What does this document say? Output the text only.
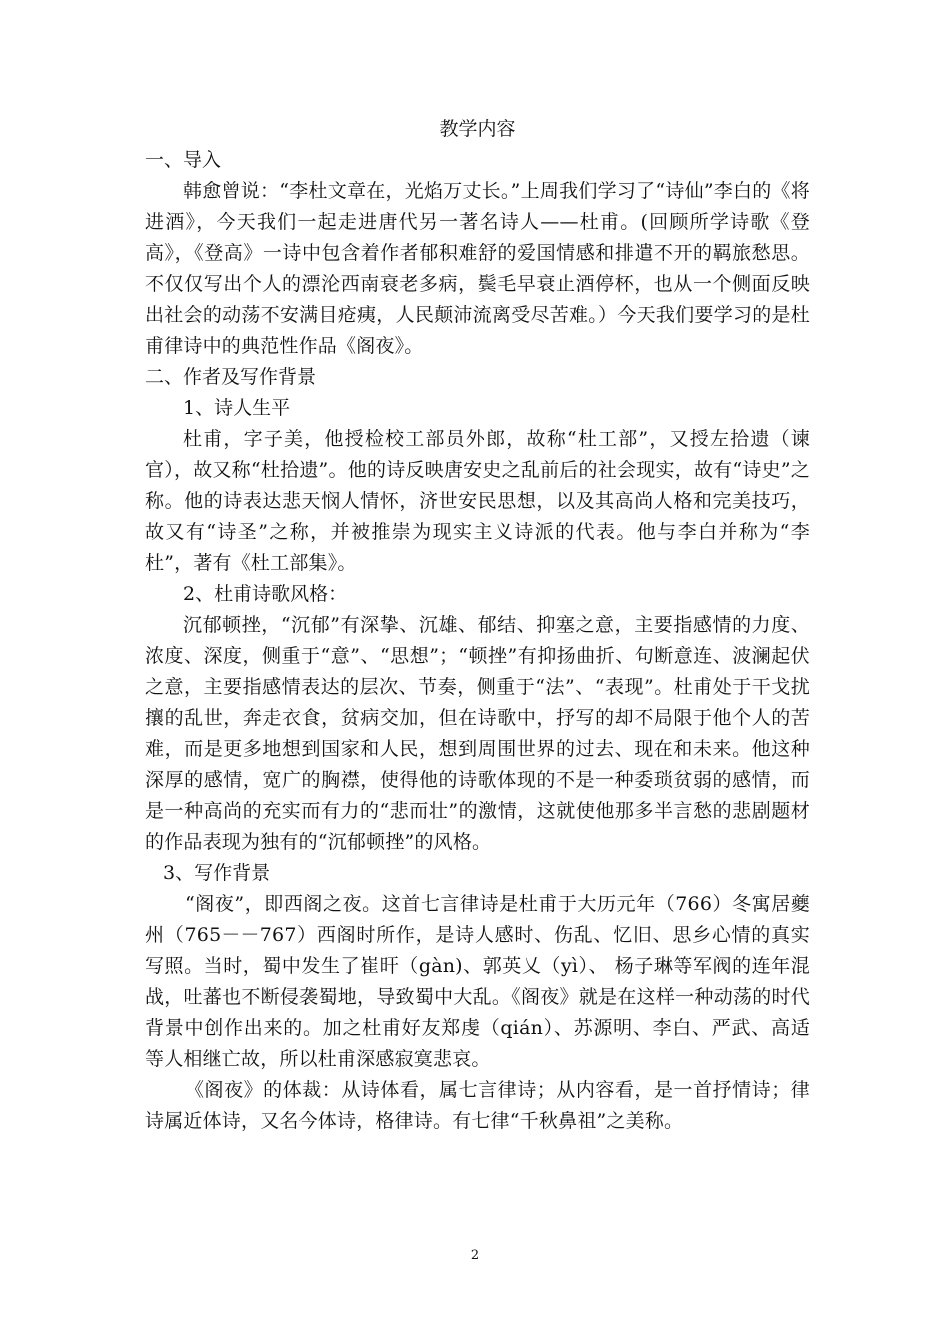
教学内容

一、导入

韩愈曾说：“李杜文章在，光焰万丈长。”上周我们学习了“诗仙”李白的《将进酒》，今天我们一起走进唐代另一著名诗人——杜甫。(回顾所学诗歌《登高》，《登高》一诗中包含着作者郁积难舒的爱国情感和排遣不开的羁旅愁思。不仅仅写出个人的漂沦西南衰老多病，鬓毛早衰止酒停杯，也从一个侧面反映出社会的动荡不安满目疮痍，人民颠沛流离受尽苦难。）今天我们要学习的是杜甫律诗中的典范性作品《阁夜》。

二、作者及写作背景

1、诗人生平

杜甫，字子美，他授检校工部员外郎，故称“杜工部”，又授左拾遗（谏官），故又称“杜拾遗”。他的诗反映唐安史之乱前后的社会现实，故有“诗史”之称。他的诗表达悲天悯人情怀，济世安民思想，以及其高尚人格和完美技巧，故又有“诗圣”之称，并被推崇为现实主义诗派的代表。他与李白并称为“李杜”，著有《杜工部集》。

2、杜甫诗歌风格：

沉郁顿挫，“沉郁”有深挚、沉雄、郁结、抑塞之意，主要指感情的力度、浓度、深度，侧重于“意”、“思想”；“顿挫”有抑扬曲折、句断意连、波澜起伏之意，主要指感情表达的层次、节奏，侧重于“法”、“表现”。杜甫处于干戈扰攘的乱世，奔走衣食，贫病交加，但在诗歌中，抒写的却不局限于他个人的苦难，而是更多地想到国家和人民，想到周围世界的过去、现在和未来。他这种深厚的感情，宽广的胸襟，使得他的诗歌体现的不是一种委琐贫弱的感情，而是一种高尚的充实而有力的“悲而壮”的激情，这就使他那多半言愁的悲剧题材的作品表现为独有的“沉郁顿挫”的风格。

3、写作背景

“阁夜”，即西阁之夜。这首七言律诗是杜甫于大历元年（766）冬寓居夔州（765－－767）西阁时所作，是诗人感时、伤乱、忆旧、思乡心情的真实写照。当时，蜀中发生了崔旰（gàn)、郭英乂（yì）、 杨子琳等军阀的连年混战，吐蕃也不断侵袭蜀地，导致蜀中大乱。《阁夜》就是在这样一种动荡的时代背景中创作出来的。加之杜甫好友郑虔（qián）、苏源明、李白、严武、高适等人相继亡故，所以杜甫深感寂寞悲哀。

《阁夜》的体裁：从诗体看，属七言律诗；从内容看，是一首抒情诗；律诗属近体诗，又名今体诗，格律诗。有七律“千秋鼻祖”之美称。

2
